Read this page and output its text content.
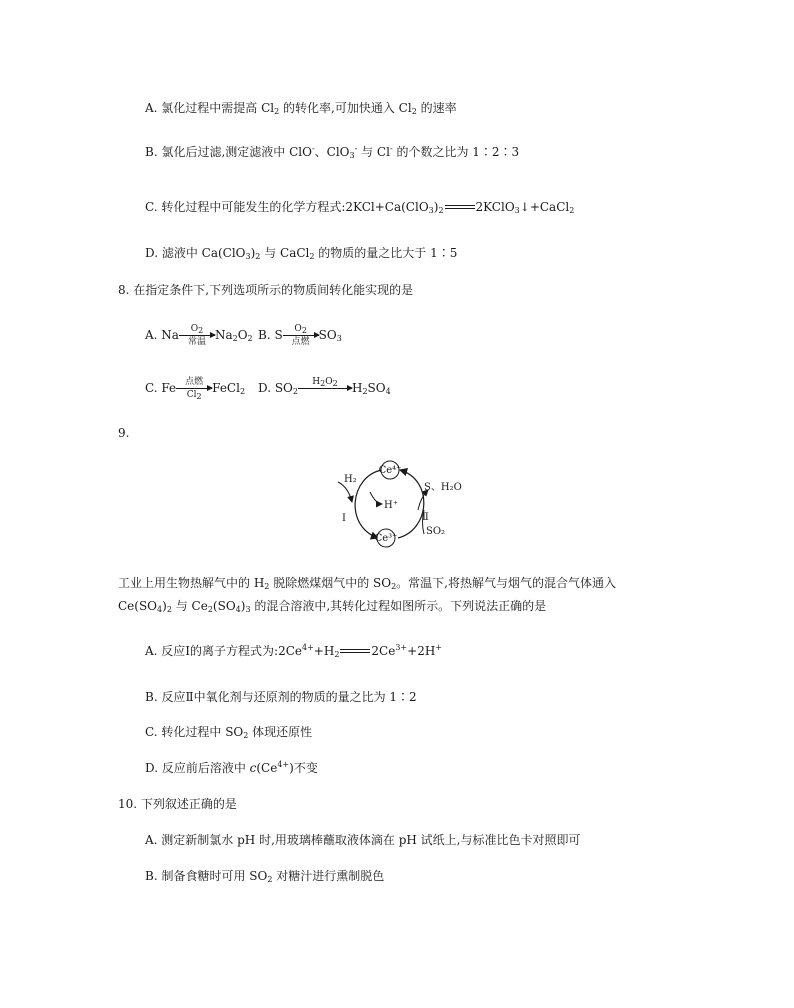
A. 氯化过程中需提高 $Cl_2$ 的转化率,可加快通入 $Cl_2$ 的速率
B. 氯化后过滤,测定滤液中 ClO-、ClO$_3$- 与 Cl- 的个数之比为 1∶2∶3
C. 转化过程中可能发生的化学方程式$:2KCl+Ca(ClO_3)_2$	2KClO$_3$↓+CaCl$_2$
D. 滤液中 $Ca(ClO_3)_2$ 与 CaCl$_2$ 的物质的量之比大于 1∶5
8. 在指定条件下,下列选项所示的物质间转化能实现的是
A. Na	$O_2$
常温 $Na_2O_2$ B. S	$O_2$
点燃 $SO_3$
C. Fe 点燃
$Cl_2$
FeCl$_2$ D. $SO_2$
$H_2O_2$
	$H_2SO_4$
9.
Ce⁴⁺
Ce³⁺
H₂
H⁺
S、H₂O
SO₂
Ⅰ	Ⅱ
工业上用生物热解气中的 $H_2$ 脱除燃煤烟气中的 $SO_2$。常温下,将热解气与烟气的混合气体通入
$Ce(SO_4)_2$ 与 $Ce_2(SO_4)_3$ 的混合溶液中,其转化过程如图所示。下列说法正确的是
A. 反应Ⅰ的离子方程式为$:2Ce^{4+}+H_2$	$2Ce^{3+}+2H^+$
B. 反应Ⅱ中氧化剂与还原剂的物质的量之比为 1∶2
C. 转化过程中 $SO_2$ 体现还原性
D. 反应前后溶液中 $c(Ce^{4+})$不变
10. 下列叙述正确的是
A. 测定新制氯水 pH 时,用玻璃棒蘸取液体滴在 pH 试纸上,与标准比色卡对照即可
B. 制备食糖时可用 $SO_2$ 对糖汁进行熏制脱色
